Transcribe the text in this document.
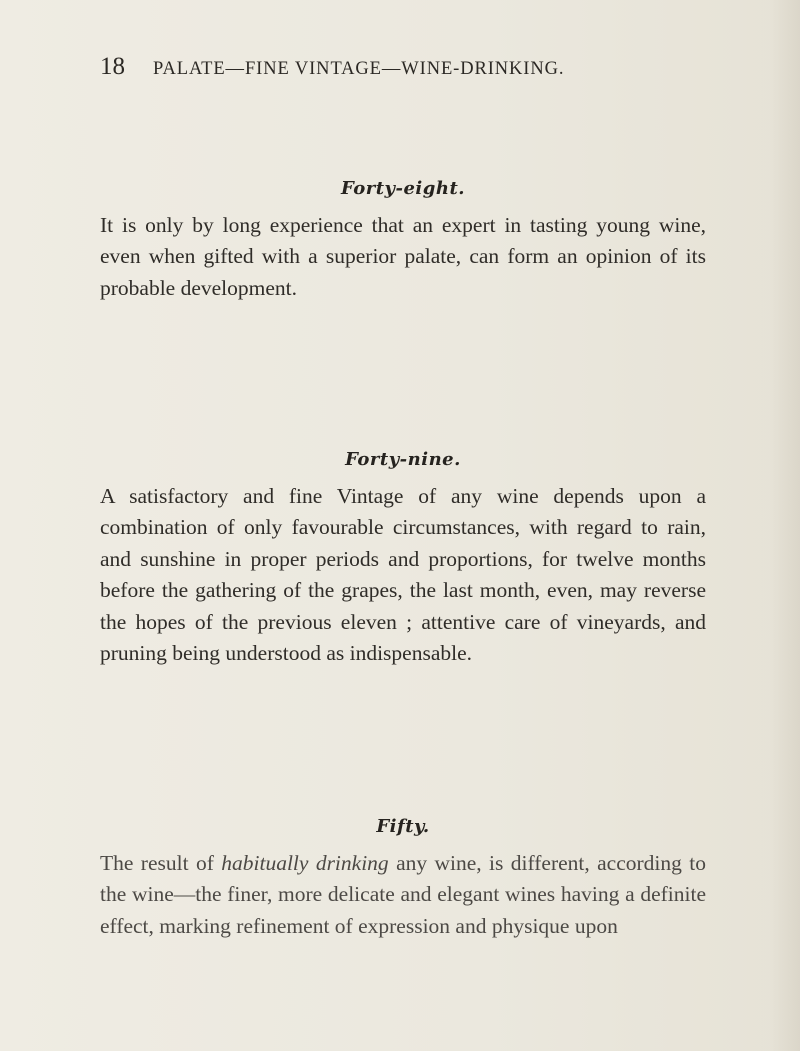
18 PALATE—FINE VINTAGE—WINE-DRINKING.
Forty-eight.
It is only by long experience that an expert in tasting young wine, even when gifted with a superior palate, can form an opinion of its probable development.
Forty-nine.
A satisfactory and fine Vintage of any wine depends upon a combination of only favourable circumstances, with regard to rain, and sunshine in proper periods and proportions, for twelve months before the gathering of the grapes, the last month, even, may reverse the hopes of the previous eleven ; attentive care of vineyards, and pruning being understood as indispensable.
Fifty.
The result of habitually drinking any wine, is different, according to the wine—the finer, more delicate and elegant wines having a definite effect, marking refinement of expression and physique upon
